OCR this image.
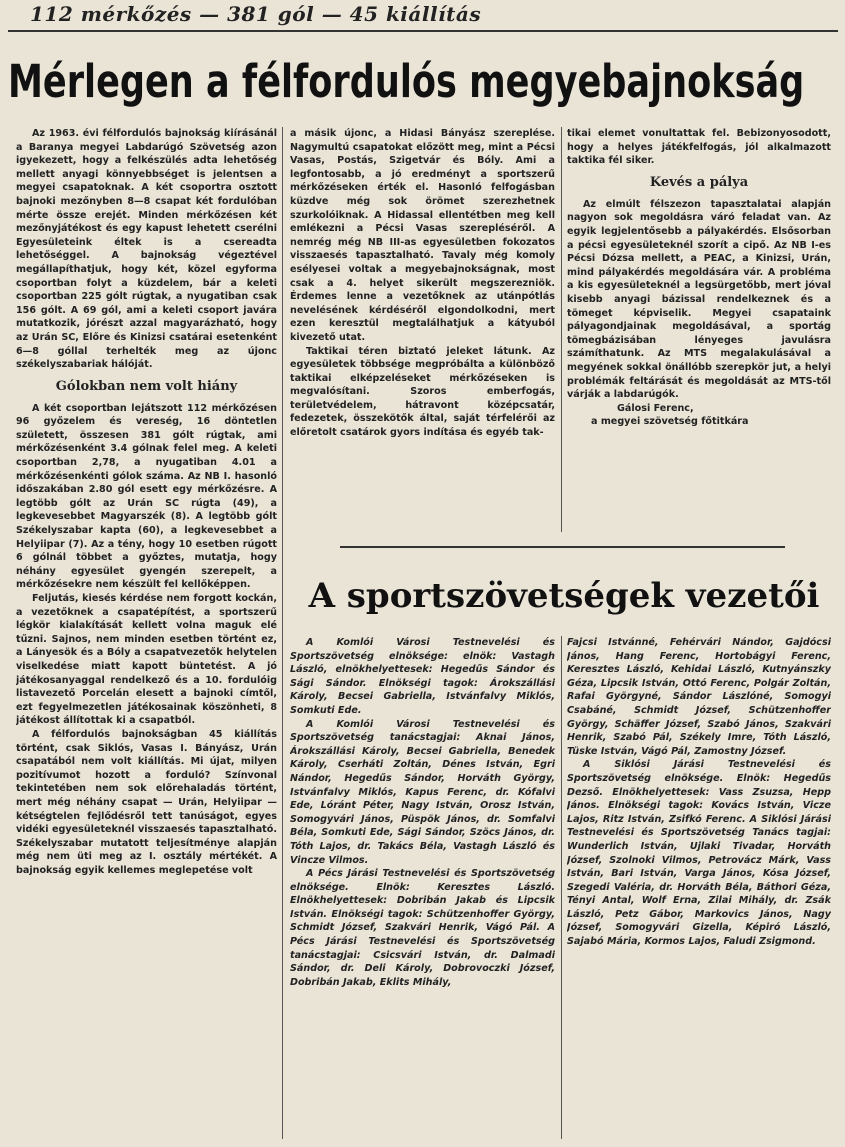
112 mérkőzés — 381 gól — 45 kiállítás
Mérlegen a félfordulós megyebajnokság

Az 1963. évi félfordulós bajnokság kiírásánál a Baranya megyei Labdarúgó Szövetség azon igyekezett, hogy a felkészülés adta lehetőség mellett anyagi könnyebbséget is jelentsen a megyei csapatoknak. A két csoportra osztott bajnoki mezőnyben 8—8 csapat két fordulóban mérte össze erejét. Minden mérkőzésen két mezőnyjátékost és egy kapust lehetett cserélni Egyesületeink éltek is a csereadta lehetőséggel. A bajnokság végeztével megállapíthatjuk, hogy két, közel egyforma csoportban folyt a küzdelem, bár a keleti csoportban 225 gólt rúgtak, a nyugatiban csak 156 gólt. A 69 gól, ami a keleti csoport javára mutatkozik, jórészt azzal magyarázható, hogy az Urán SC, Előre és Kinizsi csatárai esetenként 6—8 góllal terhelték meg az újonc székelyszabariak hálóját.

Gólokban nem volt hiány

A két csoportban lejátszott 112 mérkőzésen 96 győzelem és vereség, 16 döntetlen született, összesen 381 gólt rúgtak, ami mérkőzésenként 3.4 gólnak felel meg. A keleti csoportban 2,78, a nyugatiban 4.01 a mérkőzésenkénti gólok száma. Az NB I. hasonló időszakában 2.80 gól esett egy mérkőzésre. A legtöbb gólt az Urán SC rúgta (49), a legkevesebbet Magyarszék (8). A legtöbb gólt Székelyszabar kapta (60), a legkevesebbet a Helyiipar (7). Az a tény, hogy 10 esetben rúgott 6 gólnál többet a győztes, mutatja, hogy néhány egyesület gyengén szerepelt, a mérkőzésekre nem készült fel kellőképpen.

Feljutás, kiesés kérdése nem forgott kockán, a vezetőknek a csapatépítést, a sportszerű légkör kialakítását kellett volna maguk elé tűzni. Sajnos, nem minden esetben történt ez, a Lányesök és a Bóly a csapatvezetők helytelen viselkedése miatt kapott büntetést. A jó játékosanyaggal rendelkező és a 10. fordulóig listavezető Porcelán elesett a bajnoki címtől, ezt fegyelmezetlen játékosainak köszönheti, 8 játékost állítottak ki a csapatból.

A félfordulós bajnokságban 45 kiállítás történt, csak Siklós, Vasas I. Bányász, Urán csapatából nem volt kiállítás. Mi újat, milyen pozitívumot hozott a forduló? Színvonal tekintetében nem sok előrehaladás történt, mert még néhány csapat — Urán, Helyiipar — kétségtelen fejlődésről tett tanúságot, egyes vidéki egyesületeknél visszaesés tapasztalható. Székelyszabar mutatott teljesítménye alapján még nem üti meg az I. osztály mértékét. A bajnokság egyik kellemes meglepetése volt

a másik újonc, a Hidasi Bányász szereplése. Nagymultú csapatokat előzött meg, mint a Pécsi Vasas, Postás, Szigetvár és Bóly. Ami a legfontosabb, a jó eredményt a sportszerű mérkőzéseken érték el. Hasonló felfogásban küzdve még sok örömet szerezhetnek szurkolóiknak. A Hidassal ellentétben meg kell emlékezni a Pécsi Vasas szerepléséről. A nemrég még NB III-as egyesületben fokozatos visszaesés tapasztalható. Tavaly még komoly esélyesei voltak a megyebajnokságnak, most csak a 4. helyet sikerült megszerezniök. Érdemes lenne a vezetőknek az utánpótlás nevelésének kérdéséről elgondolkodni, mert ezen keresztül megtalálhatjuk a kátyuból kivezető utat.

Taktikai téren biztató jeleket látunk. Az egyesületek többsége megpróbálta a különböző taktikai elképzeléseket mérkőzéseken is megvalósítani. Szoros emberfogás, területvédelem, hátravont középcsatár, fedezetek, összekötők által, saját térfelérői az előretolt csatárok gyors indítása és egyéb tak-

tikai elemet vonultattak fel. Bebizonyosodott, hogy a helyes játékfelfogás, jól alkalmazott taktika fél siker.

Kevés a pálya

Az elmúlt félszezon tapasztalatai alapján nagyon sok megoldásra váró feladat van. Az egyik legjelentősebb a pályakérdés. Elsősorban a pécsi egyesületeknél szorít a cipő. Az NB I-es Pécsi Dózsa mellett, a PEAC, a Kinizsi, Urán, mind pályakérdés megoldására vár. A probléma a kis egyesületeknél a legsürgetőbb, mert jóval kisebb anyagi bázissal rendelkeznek és a tömeget képviselik. Megyei csapataink pályagondjainak megoldásával, a sportág tömegbázisában lényeges javulásra számíthatunk. Az MTS megalakulásával a megyének sokkal önállóbb szerepkör jut, a helyi problémák feltárását és megoldását az MTS-től várják a labdarúgók.

Gálosi Ferenc,

a megyei szövetség főtitkára

A sportszövetségek vezetői

A Komlói Városi Testnevelési és Sportszövetség elnöksége: elnök: Vastagh László, elnökhelyettesek: Hegedűs Sándor és Sági Sándor. Elnökségi tagok: Árokszállási Károly, Becsei Gabriella, Istvánfalvy Miklós, Somkuti Ede.

A Komlói Városi Testnevelési és Sportszövetség tanácstagjai: Aknai János, Árokszállási Károly, Becsei Gabriella, Benedek Károly, Cserháti Zoltán, Dénes István, Egri Nándor, Hegedűs Sándor, Horváth György, Istvánfalvy Miklós, Kapus Ferenc, dr. Kófalvi Ede, Lóránt Péter, Nagy István, Orosz István, Somogyvári János, Püspök János, dr. Somfalvi Béla, Somkuti Ede, Sági Sándor, Szöcs János, dr. Tóth Lajos, dr. Takács Béla, Vastagh László és Vincze Vilmos.

A Pécs Járási Testnevelési és Sportszövetség elnöksége. Elnök: Keresztes László. Elnökhelyettesek: Dobribán Jakab és Lipcsik István. Elnökségi tagok: Schützenhoffer György, Schmidt József, Szakvári Henrik, Vágó Pál. A Pécs Járási Testnevelési és Sportszövetség tanácstagjai: Csicsvári István, dr. Dalmadi Sándor, dr. Deli Károly, Dobrovoczki József, Dobribán Jakab, Eklits Mihály,

Fajcsi Istvánné, Fehérvári Nándor, Gajdócsi János, Hang Ferenc, Hortobágyi Ferenc, Keresztes László, Kehidai László, Kutnyánszky Géza, Lipcsik István, Ottó Ferenc, Polgár Zoltán, Rafai Györgyné, Sándor Lászlóné, Somogyi Csabáné, Schmidt József, Schützenhoffer György, Schäffer József, Szabó János, Szakvári Henrik, Szabó Pál, Székely Imre, Tóth László, Tüske István, Vágó Pál, Zamostny József.

A Siklósi Járási Testnevelési és Sportszövetség elnöksége. Elnök: Hegedűs Dezső. Elnökhelyettesek: Vass Zsuzsa, Hepp János. Elnökségi tagok: Kovács István, Vicze Lajos, Ritz István, Zsifkó Ferenc. A Siklósi Járási Testnevelési és Sportszövetség Tanács tagjai: Wunderlich István, Ujlaki Tivadar, Horváth József, Szolnoki Vilmos, Petrovácz Márk, Vass István, Bari István, Varga János, Kósa József, Szegedi Valéria, dr. Horváth Béla, Báthori Géza, Tényi Antal, Wolf Erna, Zilai Mihály, dr. Zsák László, Petz Gábor, Markovics János, Nagy József, Somogyvári Gizella, Képiró László, Sajabó Mária, Kormos Lajos, Faludi Zsigmond.
